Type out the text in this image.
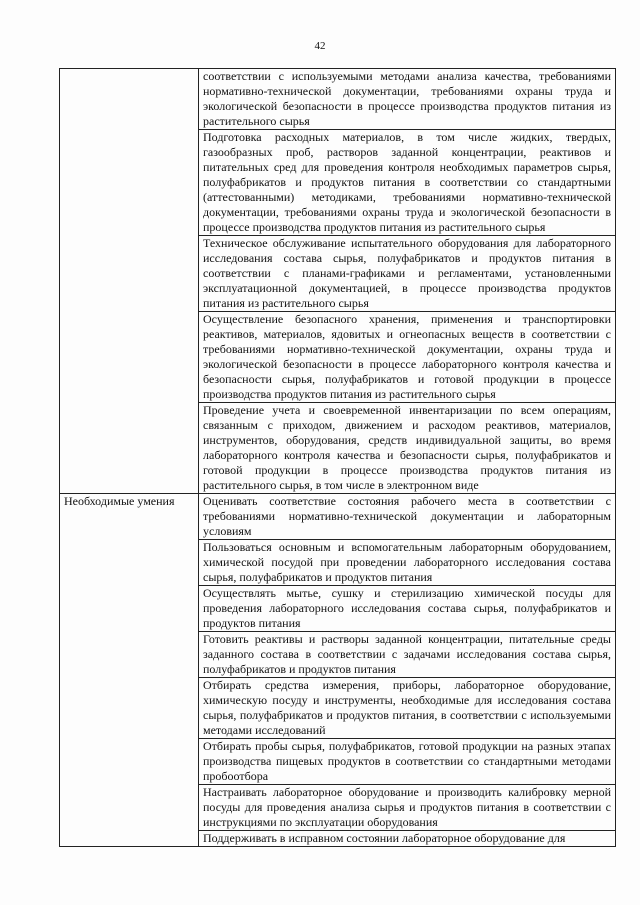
42
	соответствии с используемыми методами анализа качества, требованиями нормативно-технической документации, требованиями охраны труда и экологической безопасности в процессе производства продуктов питания из растительного сырья
	Подготовка расходных материалов, в том числе жидких, твердых, газообразных проб, растворов заданной концентрации, реактивов и питательных сред для проведения контроля необходимых параметров сырья, полуфабрикатов и продуктов питания в соответствии со стандартными (аттестованными) методиками, требованиями нормативно-технической документации, требованиями охраны труда и экологической безопасности в процессе производства продуктов питания из растительного сырья
	Техническое обслуживание испытательного оборудования для лабораторного исследования состава сырья, полуфабрикатов и продуктов питания в соответствии с планами-графиками и регламентами, установленными эксплуатационной документацией, в процессе производства продуктов питания из растительного сырья
	Осуществление безопасного хранения, применения и транспортировки реактивов, материалов, ядовитых и огнеопасных веществ в соответствии с требованиями нормативно-технической документации, охраны труда и экологической безопасности в процессе лабораторного контроля качества и безопасности сырья, полуфабрикатов и готовой продукции в процессе производства продуктов питания из растительного сырья
	Проведение учета и своевременной инвентаризации по всем операциям, связанным с приходом, движением и расходом реактивов, материалов, инструментов, оборудования, средств индивидуальной защиты, во время лабораторного контроля качества и безопасности сырья, полуфабрикатов и готовой продукции в процессе производства продуктов питания из растительного сырья, в том числе в электронном виде
Необходимые умения	Оценивать соответствие состояния рабочего места в соответствии с требованиями нормативно-технической документации и лабораторным условиям
	Пользоваться основным и вспомогательным лабораторным оборудованием, химической посудой при проведении лабораторного исследования состава сырья, полуфабрикатов и продуктов питания
	Осуществлять мытье, сушку и стерилизацию химической посуды для проведения лабораторного исследования состава сырья, полуфабрикатов и продуктов питания
	Готовить реактивы и растворы заданной концентрации, питательные среды заданного состава в соответствии с задачами исследования состава сырья, полуфабрикатов и продуктов питания
	Отбирать средства измерения, приборы, лабораторное оборудование, химическую посуду и инструменты, необходимые для исследования состава сырья, полуфабрикатов и продуктов питания, в соответствии с используемыми методами исследований
	Отбирать пробы сырья, полуфабрикатов, готовой продукции на разных этапах производства пищевых продуктов в соответствии со стандартными методами пробоотбора
	Настраивать лабораторное оборудование и производить калибровку мерной посуды для проведения анализа сырья и продуктов питания в соответствии с инструкциями по эксплуатации оборудования
	Поддерживать в исправном состоянии лабораторное оборудование для
